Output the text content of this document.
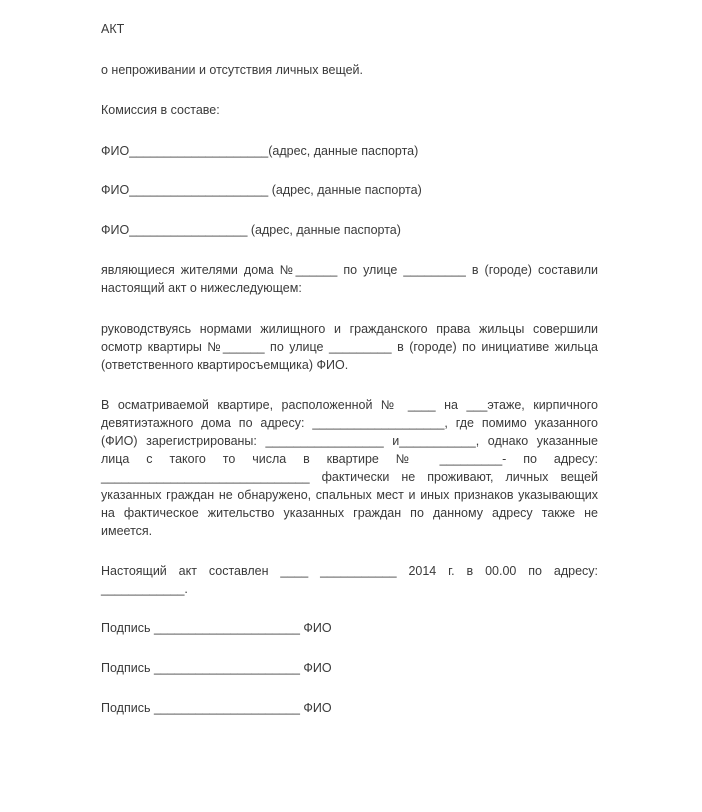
АКТ
о непроживании и отсутствия личных вещей.
Комиссия в составе:
ФИО____________________(адрес, данные паспорта)
ФИО____________________ (адрес, данные паспорта)
ФИО_________________ (адрес, данные паспорта)
являющиеся жителями дома №______ по улице _________ в (городе) составили настоящий акт о нижеследующем:
руководствуясь нормами жилищного и гражданского права жильцы совершили осмотр квартиры №______ по улице _________ в (городе) по инициативе жильца (ответственного квартиросъемщика) ФИО.
В осматриваемой квартире, расположенной № ____ на ___этаже, кирпичного девятиэтажного дома по адресу: ___________________, где помимо указанного (ФИО) зарегистрированы: _________________ и___________, однако указанные лица с такого то числа в квартире № _________- по адресу: ______________________________ фактически не проживают, личных вещей указанных граждан не обнаружено, спальных мест и иных признаков указывающих на фактическое жительство указанных граждан по данному адресу также не имеется.
Настоящий акт составлен ____ ___________ 2014 г. в 00.00 по адресу: ____________.
Подпись _____________________ ФИО
Подпись _____________________ ФИО
Подпись _____________________ ФИО
